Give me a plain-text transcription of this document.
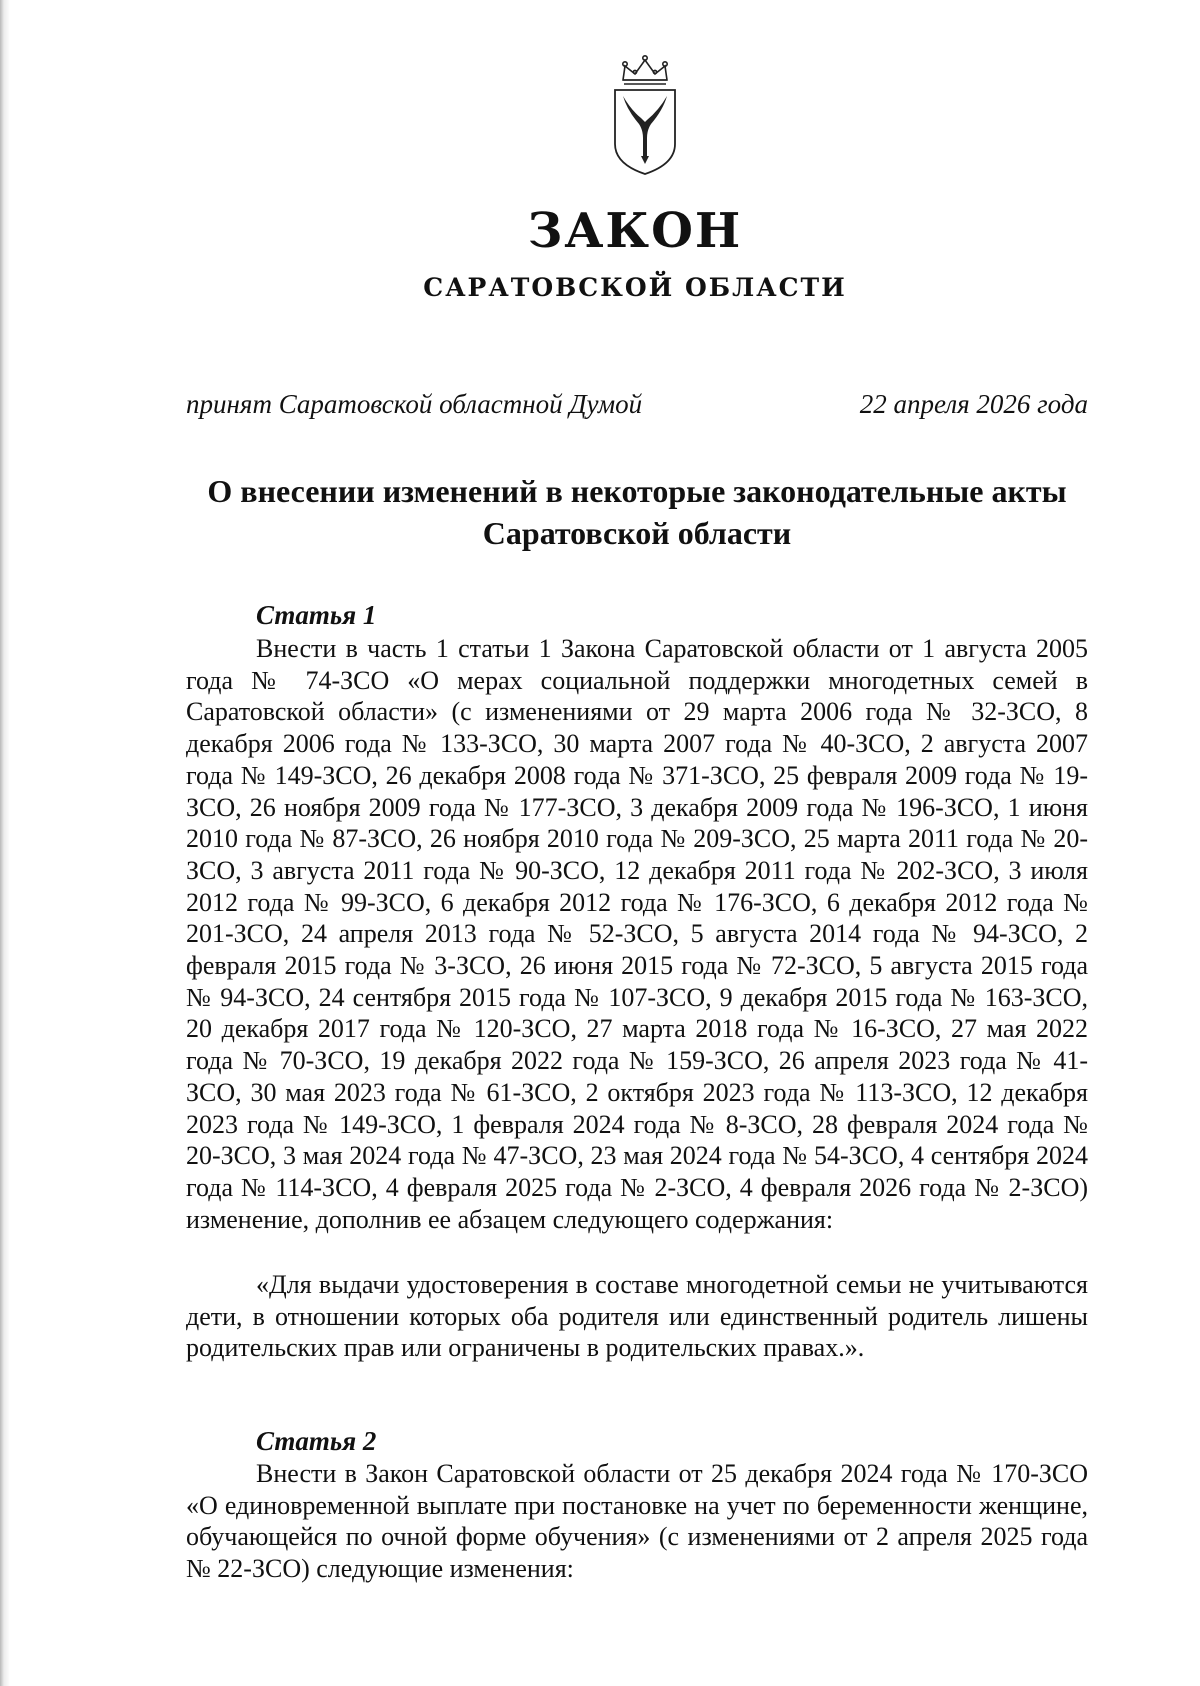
ЗАКОН
САРАТОВСКОЙ ОБЛАСТИ
принят Саратовской областной Думой	22 апреля 2026 года
О внесении изменений в некоторые законодательные акты Саратовской области
Статья 1

Внести в часть 1 статьи 1 Закона Саратовской области от 1 августа 2005 года № 74-ЗСО «О мерах социальной поддержки многодетных семей в Саратовской области» (с изменениями от 29 марта 2006 года № 32-ЗСО, 8 декабря 2006 года № 133-ЗСО, 30 марта 2007 года № 40-ЗСО, 2 августа 2007 года № 149-ЗСО, 26 декабря 2008 года № 371-ЗСО, 25 февраля 2009 года № 19-ЗСО, 26 ноября 2009 года № 177-ЗСО, 3 декабря 2009 года № 196-ЗСО, 1 июня 2010 года № 87-ЗСО, 26 ноября 2010 года № 209-ЗСО, 25 марта 2011 года № 20-ЗСО, 3 августа 2011 года № 90-ЗСО, 12 декабря 2011 года № 202-ЗСО, 3 июля 2012 года № 99-ЗСО, 6 декабря 2012 года № 176-ЗСО, 6 декабря 2012 года № 201-ЗСО, 24 апреля 2013 года № 52-ЗСО, 5 августа 2014 года № 94-ЗСО, 2 февраля 2015 года № 3-ЗСО, 26 июня 2015 года № 72-ЗСО, 5 августа 2015 года № 94-ЗСО, 24 сентября 2015 года № 107-ЗСО, 9 декабря 2015 года № 163-ЗСО, 20 декабря 2017 года № 120-ЗСО, 27 марта 2018 года № 16-ЗСО, 27 мая 2022 года № 70-ЗСО, 19 декабря 2022 года № 159-ЗСО, 26 апреля 2023 года № 41-ЗСО, 30 мая 2023 года № 61-ЗСО, 2 октября 2023 года № 113-ЗСО, 12 декабря 2023 года № 149-ЗСО, 1 февраля 2024 года № 8-ЗСО, 28 февраля 2024 года № 20-ЗСО, 3 мая 2024 года № 47-ЗСО, 23 мая 2024 года № 54-ЗСО, 4 сентября 2024 года № 114-ЗСО, 4 февраля 2025 года № 2-ЗСО, 4 февраля 2026 года № 2-ЗСО) изменение, дополнив ее абзацем следующего содержания:

«Для выдачи удостоверения в составе многодетной семьи не учитываются дети, в отношении которых оба родителя или единственный родитель лишены родительских прав или ограничены в родительских правах.».

Статья 2

Внести в Закон Саратовской области от 25 декабря 2024 года № 170-ЗСО «О единовременной выплате при постановке на учет по беременности женщине, обучающейся по очной форме обучения» (с изменениями от 2 апреля 2025 года № 22-ЗСО) следующие изменения:
